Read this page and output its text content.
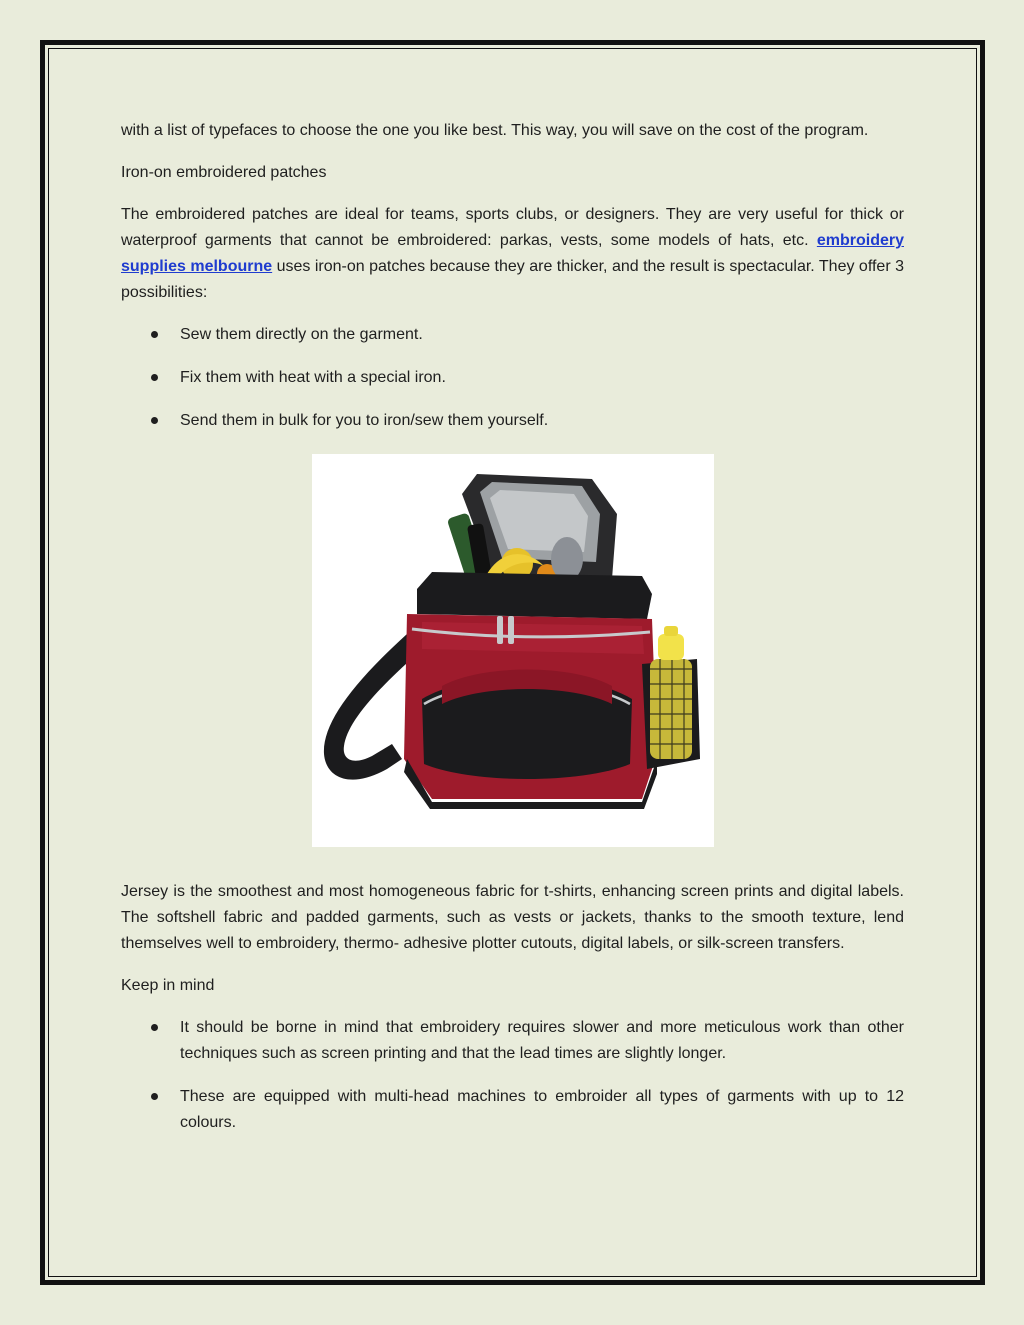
with a list of typefaces to choose the one you like best. This way, you will save on the cost of the program.

Iron-on embroidered patches

The embroidered patches are ideal for teams, sports clubs, or designers. They are very useful for thick or waterproof garments that cannot be embroidered: parkas, vests, some models of hats, etc. embroidery supplies melbourne uses iron-on patches because they are thicker, and the result is spectacular. They offer 3 possibilities:

Sew them directly on the garment.
Fix them with heat with a special iron.
Send them in bulk for you to iron/sew them yourself.

Jersey is the smoothest and most homogeneous fabric for t-shirts, enhancing screen prints and digital labels. The softshell fabric and padded garments, such as vests or jackets, thanks to the smooth texture, lend themselves well to embroidery, thermo- adhesive plotter cutouts, digital labels, or silk-screen transfers.

Keep in mind

It should be borne in mind that embroidery requires slower and more meticulous work than other techniques such as screen printing and that the lead times are slightly longer.
These are equipped with multi-head machines to embroider all types of garments with up to 12 colours.
